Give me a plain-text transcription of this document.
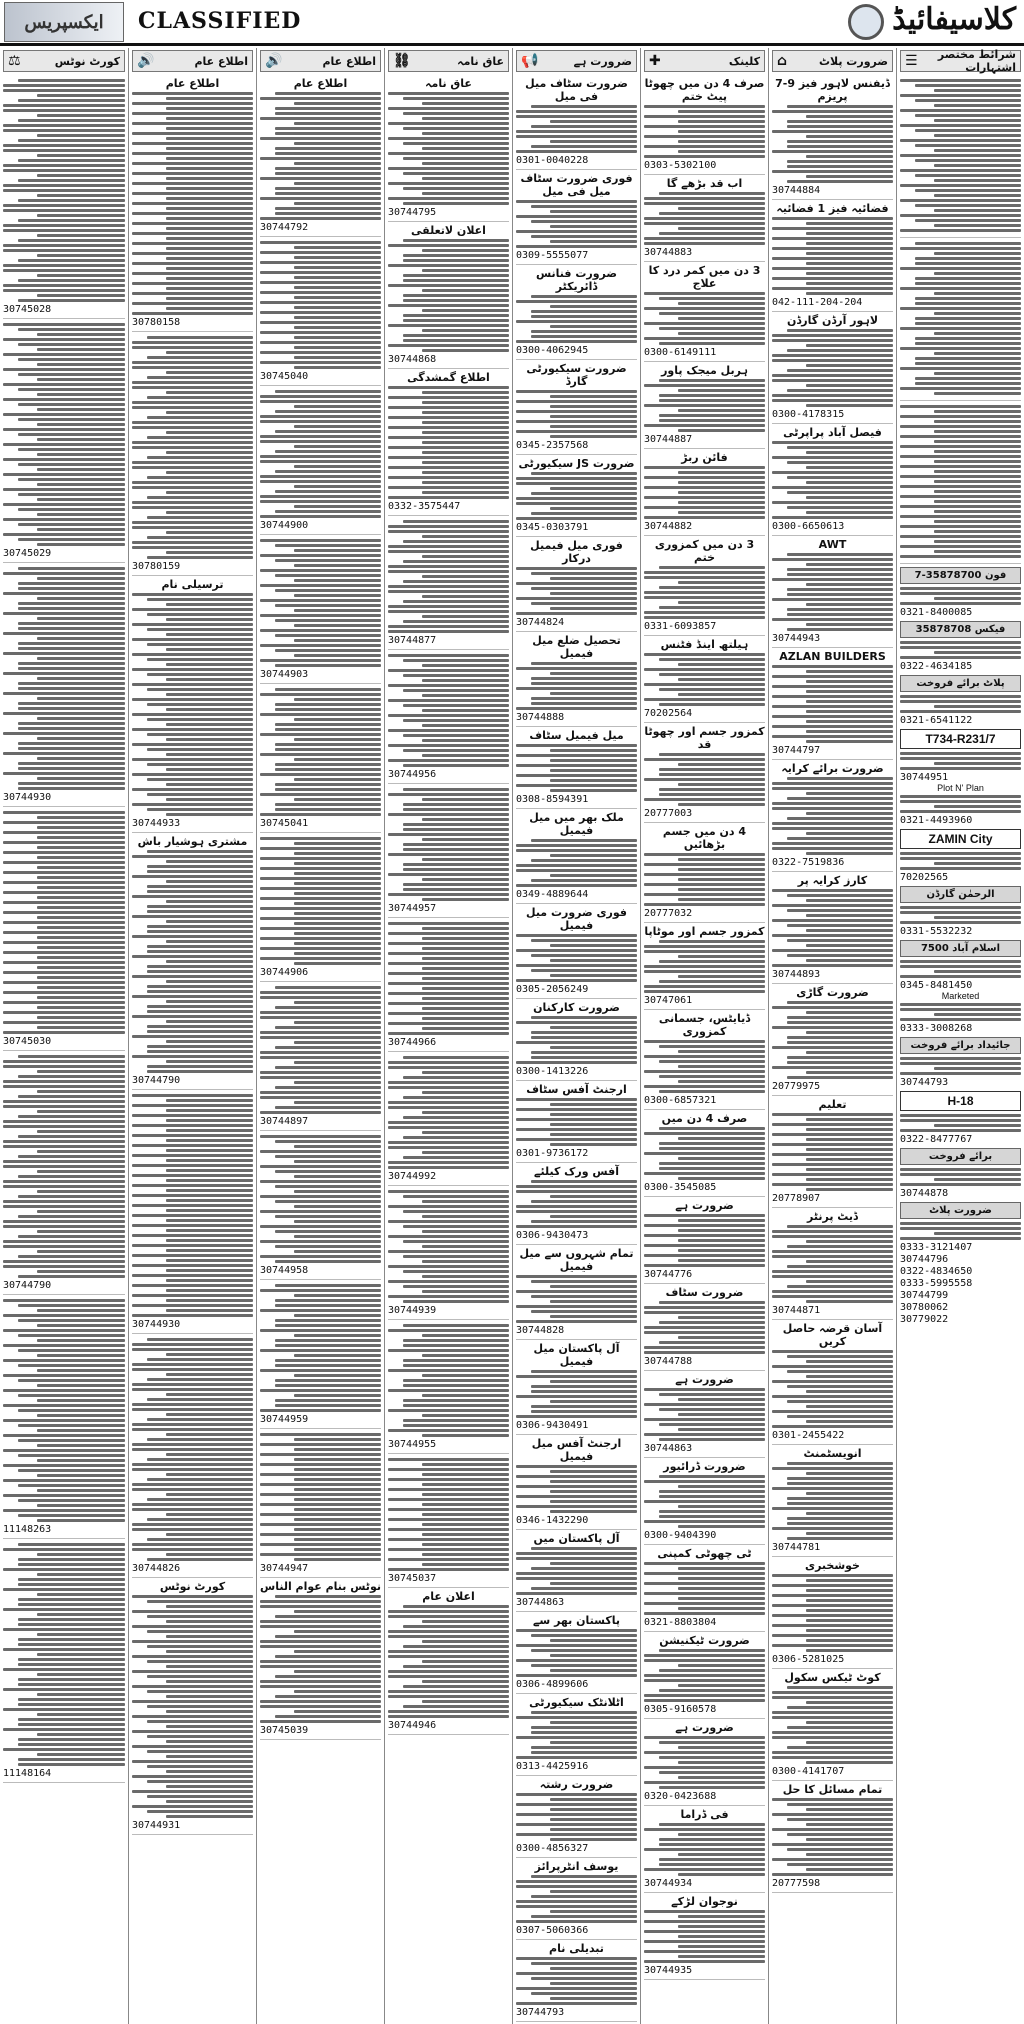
ایکسپریس	CLASSIFIED	کلاسیفائیڈ
شرائط مختصر اشتہارات
☰
فون 35878700-7
0321-8400085
فیکس 35878708
0322-4634185
پلاٹ برائے فروخت
0321-6541122
T734-R231/7
30744951
Plot N' Plan
0321-4493960
ZAMIN City
70202565
الرحمٰن گارڈن
0331-5532232
اسلام آباد 7500
0345-8481450
Marketed
0333-3008268
جائیداد برائے فروخت
30744793
H-18
0322-8477767
برائے فروخت
30744878
ضرورت پلاٹ
0333-3121407
30744796
0322-4834650
0333-5995558
30744799
30780062
30779022
ضرورت پلاٹ
⌂
ڈیفنس لاہور فیز 9-7 پریزم
30744884
فضائیہ فیز 1 فضائیہ
042-111-204-204
لاہور آرڈن گارڈن
0300-4178315
فیصل آباد پراپرٹی
0300-6650613
AWT
30744943
AZLAN BUILDERS
30744797
ضرورت برائے کرایہ
0322-7519836
کارز کرایہ پر
30744893
ضرورت گاڑی
20779975
تعلیم
20778907
ڈیٹ پرنٹر
30744871
آسان قرضہ حاصل کریں
0301-2455422
انویسٹمنٹ
30744781
خوشخبری
0306-5281025
کوٹ ٹیکس سکول
0300-4141707
تمام مسائل کا حل
20777598
کلینک
✚
صرف 4 دن میں چھوٹا پیٹ ختم
0303-5302100
اب قد بڑھے گا
30744883
3 دن میں کمر درد کا علاج
0300-6149111
ہربل میجک پاور
30744887
فائن ربڑ
30744882
3 دن میں کمزوری ختم
0331-6093857
ہیلتھ اینڈ فٹنس
70202564
کمزور جسم اور چھوٹا قد
20777003
4 دن میں جسم بڑھائیں
20777032
کمزور جسم اور موٹاپا
30747061
ڈیایٹس، جسمانی کمزوری
0300-6857321
صرف 4 دن میں
0300-3545085
ضرورت ہے
30744776
ضرورت سٹاف
30744788
ضرورت ہے
30744863
ضرورت ڈرائیور
0300-9404390
ٹی چھوٹی کمپنی
0321-8803804
ضرورت ٹیکنیشن
0305-9160578
ضرورت ہے
0320-0423688
فی ڈراما
30744934
نوجوان لڑکے
30744935
ضرورت ہے
📢
ضرورت سٹاف میل فی میل
0301-0040228
فوری ضرورت سٹاف میل فی میل
0309-5555077
ضرورت فنانس ڈائریکٹر
0300-4062945
ضرورت سیکیورٹی گارڈ
0345-2357568
ضرورت JS سیکیورٹی
0345-0303791
فوری میل فیمیل درکار
30744824
تحصیل ضلع میل فیمیل
30744888
میل فیمیل سٹاف
0308-8594391
ملک بھر میں میل فیمیل
0349-4889644
فوری ضرورت میل فیمیل
0305-2056249
ضرورت کارکنان
0300-1413226
ارجنٹ آفس سٹاف
0301-9736172
آفس ورک کیلئے
0306-9430473
تمام شہروں سے میل فیمیل
30744828
آل پاکستان میل فیمیل
0306-9430491
ارجنٹ آفس میل فیمیل
0346-1432290
آل پاکستان میں
30744863
پاکستان بھر سے
0306-4899606
اٹلانٹک سیکیورٹی
0313-4425916
ضرورت رشتہ
0300-4856327
یوسف انٹرپرائز
0307-5060366
تبدیلی نام
30744793
عاق نامہ
⛓
عاق نامہ
30744795
اعلان لاتعلقی
30744868
اطلاع گمشدگی
0332-3575447
30744877
30744956
30744957
30744966
30744992
30744939
30744955
30745037
اعلان عام
30744946
اطلاع عام
🔊
اطلاع عام
30744792
30745040
30744900
30744903
30745041
30744906
30744897
30744958
30744959
30744947
نوٹس بنام عوام الناس
30745039
اطلاع عام
🔊
اطلاع عام
30780158
30780159
ترسیلی نام
30744933
مشتری ہوشیار باش
30744790
30744930
30744826
کورٹ نوٹس
30744931
کورٹ نوٹس
⚖
30745028
30745029
30744930
30745030
30744790
11148263
11148164
